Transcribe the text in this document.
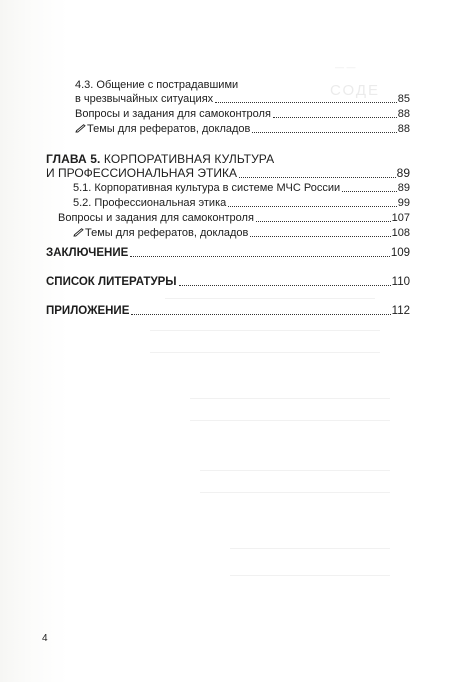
— —
СОДЕ
4.3. Общение с пострадавшими
в чрезвычайных ситуациях	85
Вопросы и задания для самоконтроля	88
Темы для рефератов, докладов	88
ГЛАВА 5. КОРПОРАТИВНАЯ КУЛЬТУРА
И ПРОФЕССИОНАЛЬНАЯ ЭТИКА	89
5.1. Корпоративная культура в системе МЧС России	89
5.2. Профессиональная этика	99
Вопросы и задания для самоконтроля	107
Темы для рефератов, докладов	108
ЗАКЛЮЧЕНИЕ	109
СПИСОК ЛИТЕРАТУРЫ	110
ПРИЛОЖЕНИЕ	112
4
